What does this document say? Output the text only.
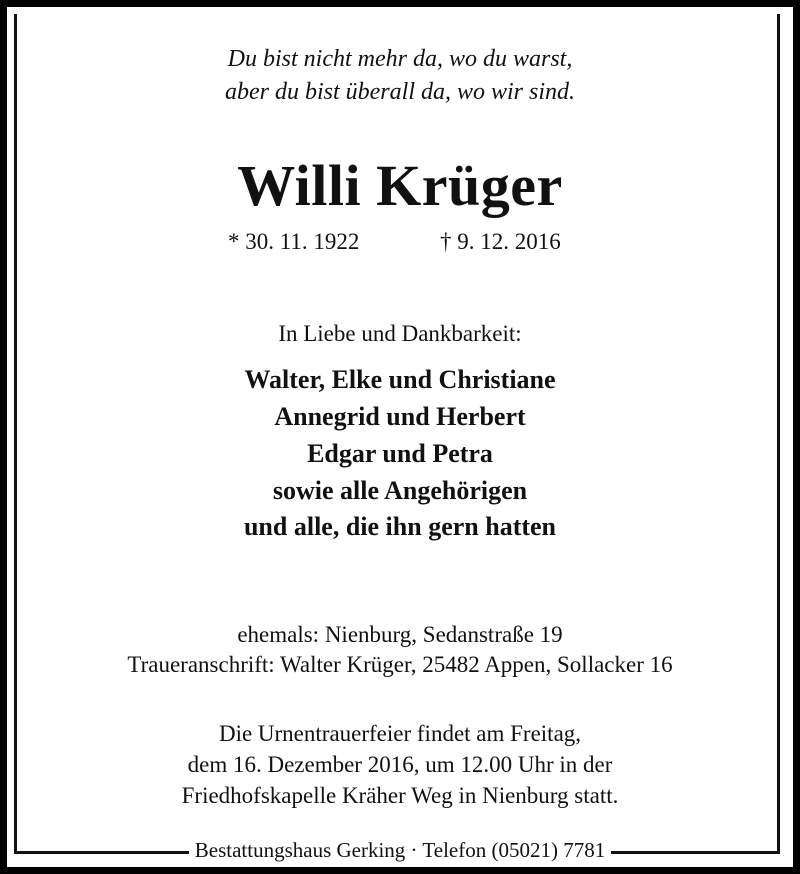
Du bist nicht mehr da, wo du warst,
aber du bist überall da, wo wir sind.
Willi Krüger
* 30. 11. 1922	† 9. 12. 2016
In Liebe und Dankbarkeit:
Walter, Elke und Christiane
Annegrid und Herbert
Edgar und Petra
sowie alle Angehörigen
und alle, die ihn gern hatten
ehemals: Nienburg, Sedanstraße 19
Traueranschrift: Walter Krüger, 25482 Appen, Sollacker 16
Die Urnentrauerfeier findet am Freitag,
dem 16. Dezember 2016, um 12.00 Uhr in der
Friedhofskapelle Kräher Weg in Nienburg statt.
Bestattungshaus Gerking · Telefon (05021) 7781
